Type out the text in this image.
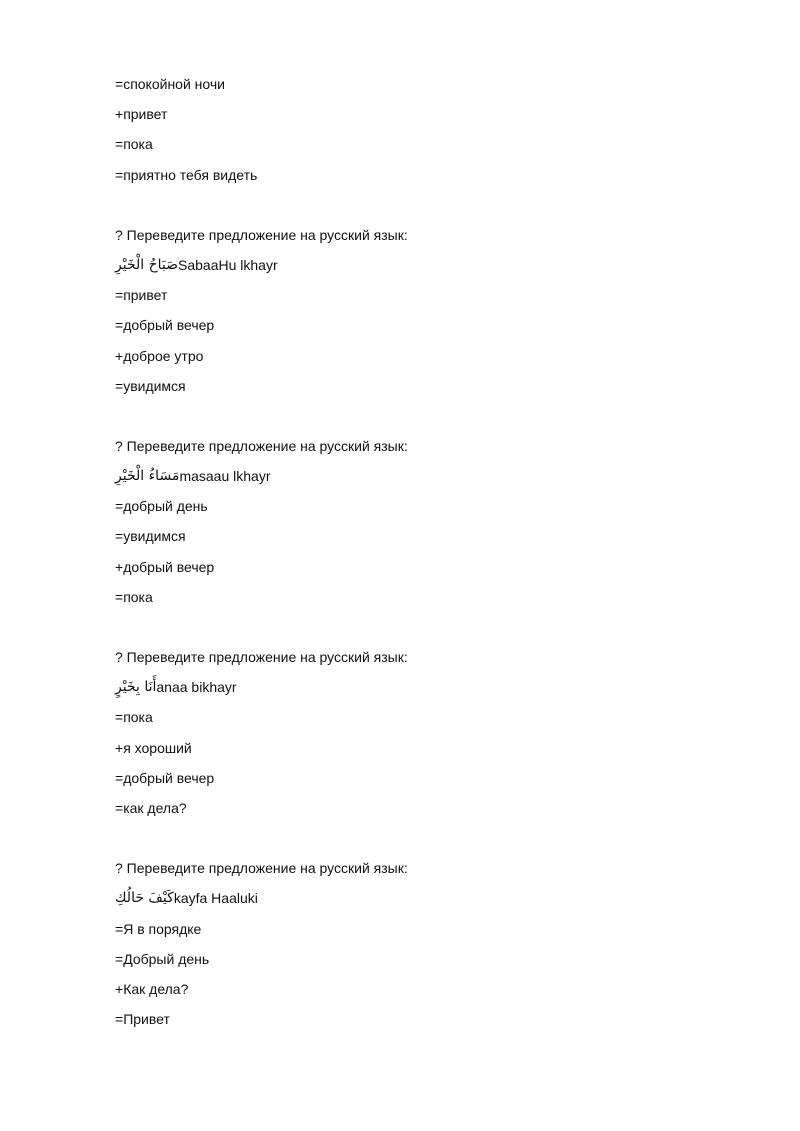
=спокойной ночи
+привет
=пока
=приятно тебя видеть
? Переведите предложение на русский язык:
صَبَاحُ الْخَيْرِ SabaaHu lkhayr
=привет
=добрый вечер
+доброе утро
=увидимся
? Переведите предложение на русский язык:
مَسَاءُ الْخَيْرِ masaau lkhayr
=добрый день
=увидимся
+добрый вечер
=пока
? Переведите предложение на русский язык:
أَنَا بِخَيْرٍ anaa bikhayr
=пока
+я хороший
=добрый вечер
=как дела?
? Переведите предложение на русский язык:
كَيْفَ حَالُكِ kayfa Haaluki
=Я в порядке
=Добрый день
+Как дела?
=Привет
